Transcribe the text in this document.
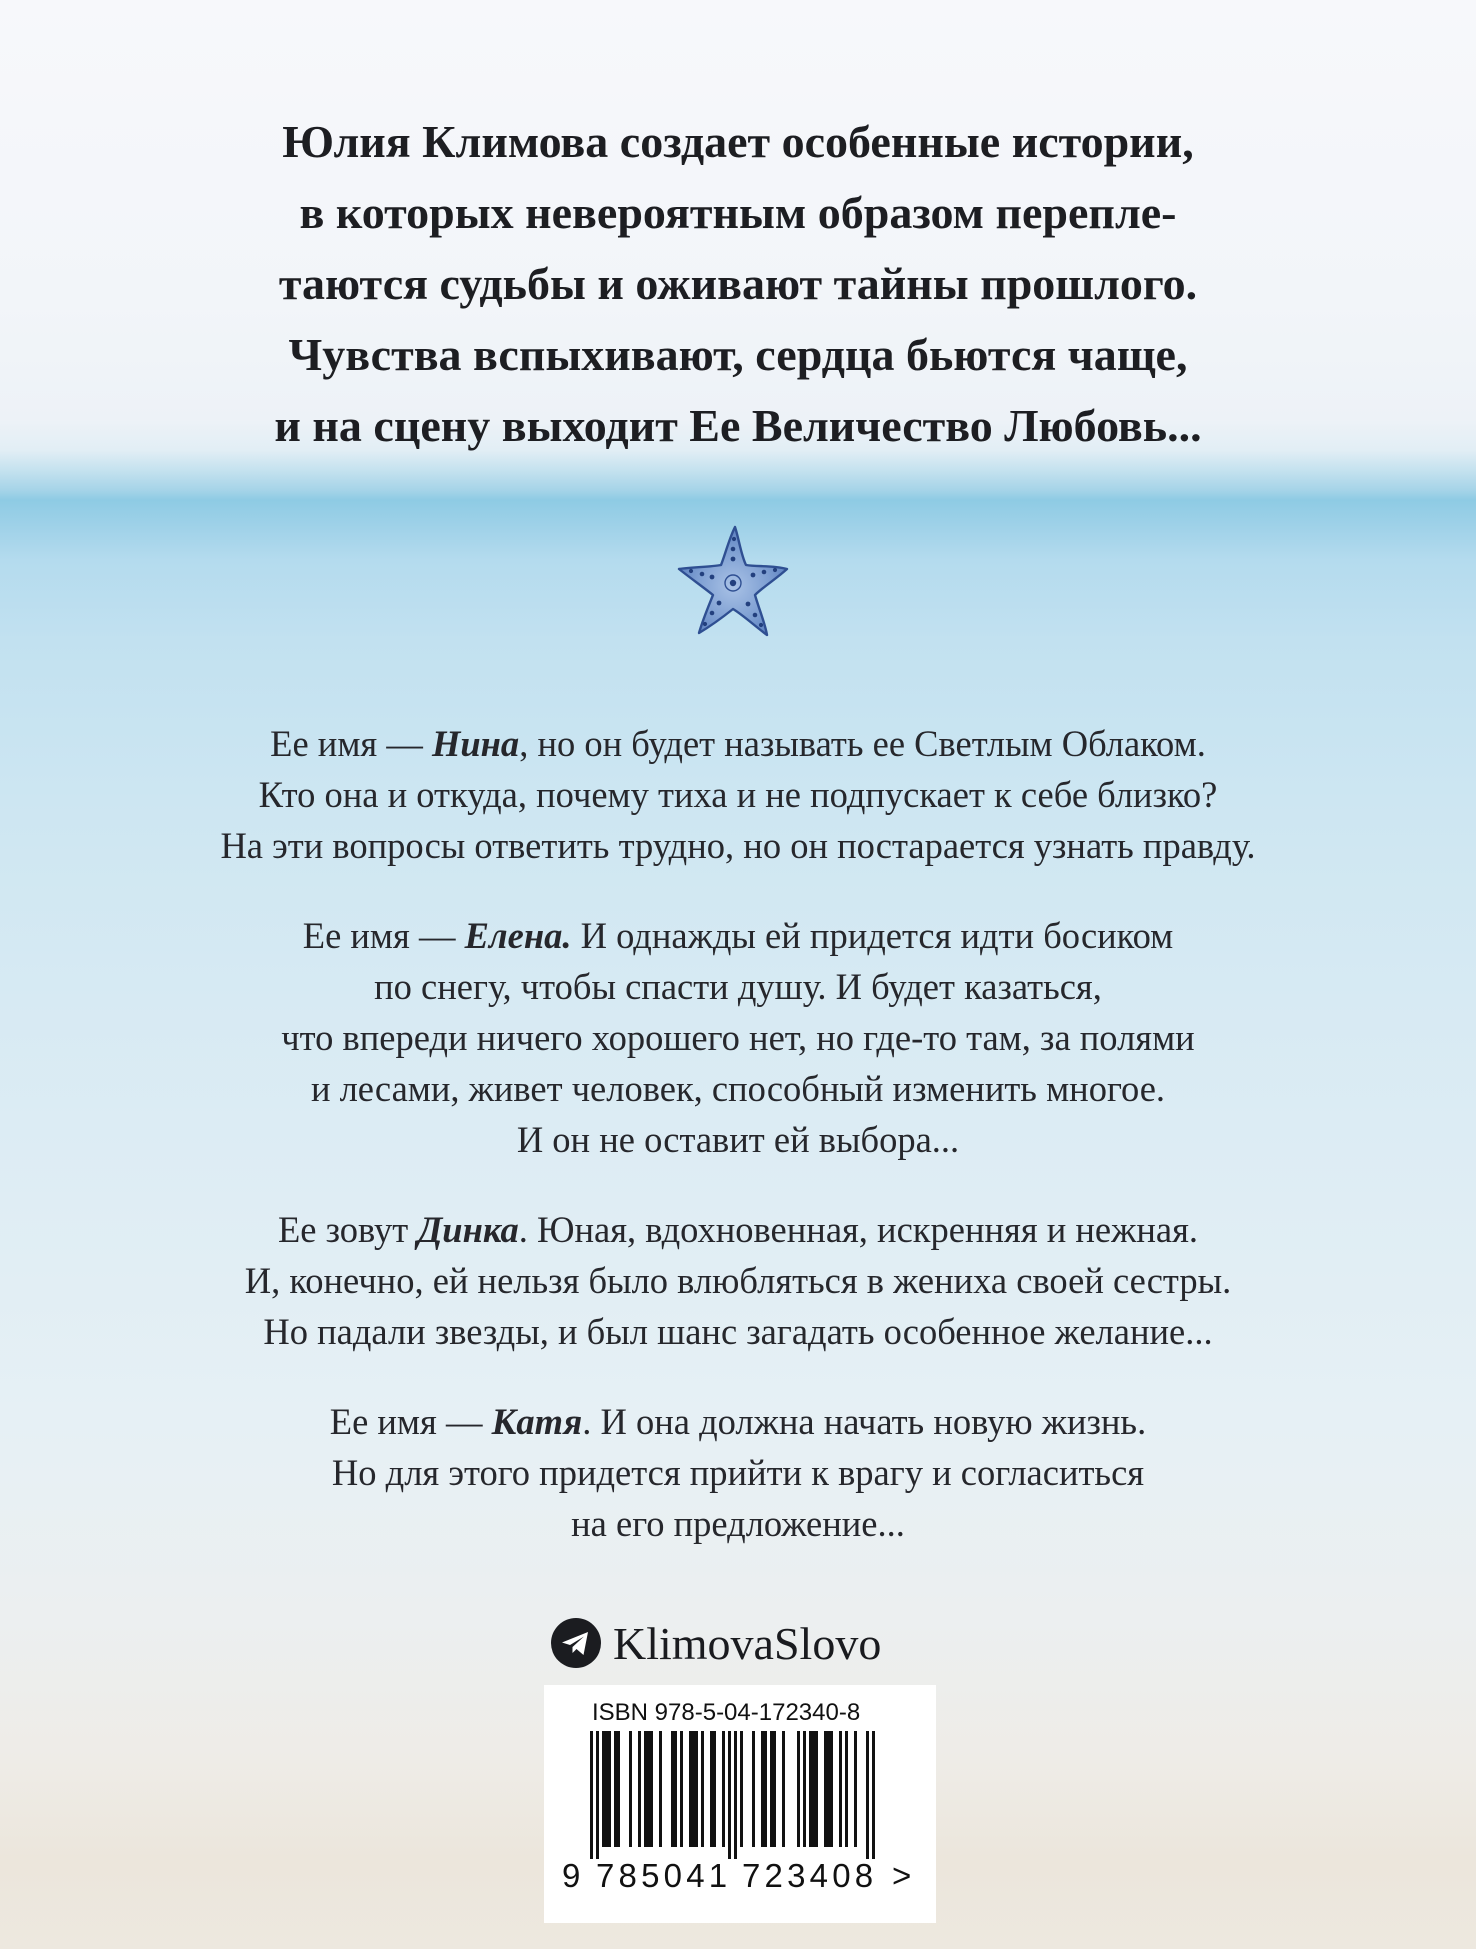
Юлия Климова создает особенные истории,
в которых невероятным образом перепле-
таются судьбы и оживают тайны прошлого.
Чувства вспыхивают, сердца бьются чаще,
и на сцену выходит Ее Величество Любовь...
Ее имя — Нина, но он будет называть ее Светлым Облаком.
Кто она и откуда, почему тиха и не подпускает к себе близко?
На эти вопросы ответить трудно, но он постарается узнать правду.
Ее имя — Елена. И однажды ей придется идти босиком
по снегу, чтобы спасти душу. И будет казаться,
что впереди ничего хорошего нет, но где-то там, за полями
и лесами, живет человек, способный изменить многое.
И он не оставит ей выбора...
Ее зовут Динка. Юная, вдохновенная, искренняя и нежная.
И, конечно, ей нельзя было влюбляться в жениха своей сестры.
Но падали звезды, и был шанс загадать особенное желание...
Ее имя — Катя. И она должна начать новую жизнь.
Но для этого придется прийти к врагу и согласиться
на его предложение...
KlimovaSlovo
ISBN 978-5-04-172340-8
9 785041 723408 >
